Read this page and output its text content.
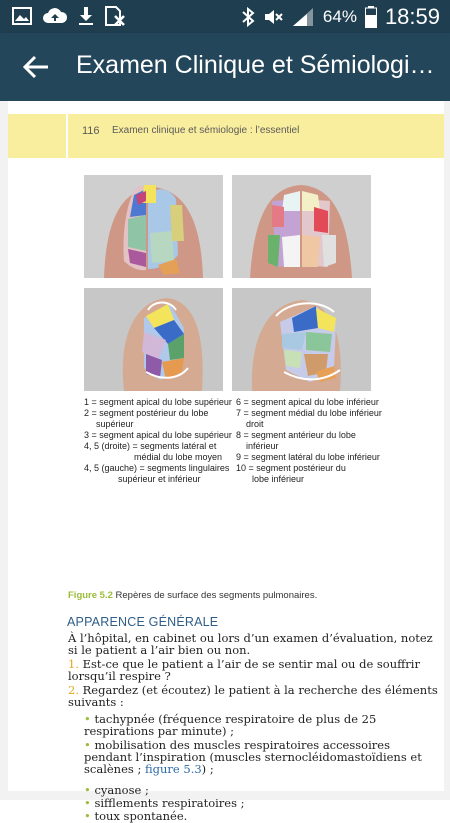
64% 18:59
Examen Clinique et Sémiologi…
116 Examen clinique et sémiologie : l’essentiel
1 = segment apical du lobe supérieur
2 = segment postérieur du lobe
supérieur
3 = segment apical du lobe supérieur
4, 5 (droite) = segments latéral et
médial du lobe moyen
4, 5 (gauche) = segments lingulaires
supérieur et inférieur
6 = segment apical du lobe inférieur
7 = segment médial du lobe inférieur
droit
8 = segment antérieur du lobe
inférieur
9 = segment latéral du lobe inférieur
10 = segment postérieur du
lobe inférieur
Figure 5.2 Repères de surface des segments pulmonaires.
APPARENCE GÉNÉRALE
À l’hôpital, en cabinet ou lors d’un examen d’évaluation, notez si le patient a l’air bien ou non.
1. Est-ce que le patient a l’air de se sentir mal ou de souffrir lorsqu’il respire ?
2. Regardez (et écoutez) le patient à la recherche des éléments suivants :
• tachypnée (fréquence respiratoire de plus de 25 respirations par minute) ;
• mobilisation des muscles respiratoires accessoires pendant l’inspiration (muscles sternocléidomastoïdiens et scalènes ; figure 5.3) ;
• cyanose ;
• sifflements respiratoires ;
• toux spontanée.
